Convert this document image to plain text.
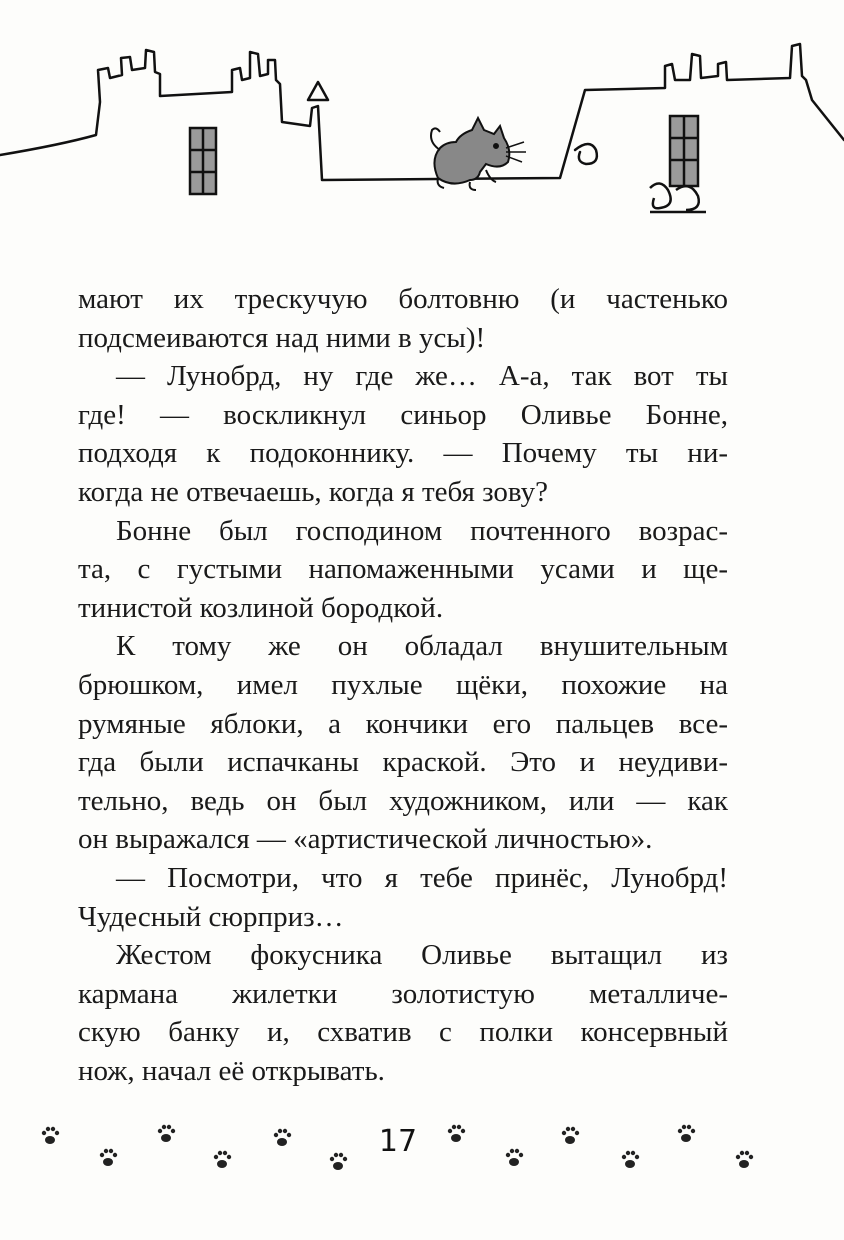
мают их трескучую болтовню (и частенько

подсмеиваются над ними в усы)!

— Лунобрд, ну где же… А-а, так вот ты

где! — воскликнул синьор Оливье Бонне,

подходя к подоконнику. — Почему ты ни-

когда не отвечаешь, когда я тебя зову?

Бонне был господином почтенного возрас-

та, с густыми напомаженными усами и ще-

тинистой козлиной бородкой.

К тому же он обладал внушительным

брюшком, имел пухлые щёки, похожие на

румяные яблоки, а кончики его пальцев все-

гда были испачканы краской. Это и неудиви-

тельно, ведь он был художником, или — как

он выражался — «артистической личностью».

— Посмотри, что я тебе принёс, Лунобрд!

Чудесный сюрприз…

Жестом фокусника Оливье вытащил из

кармана жилетки золотистую металличе-

скую банку и, схватив с полки консервный

нож, начал её открывать.

17
